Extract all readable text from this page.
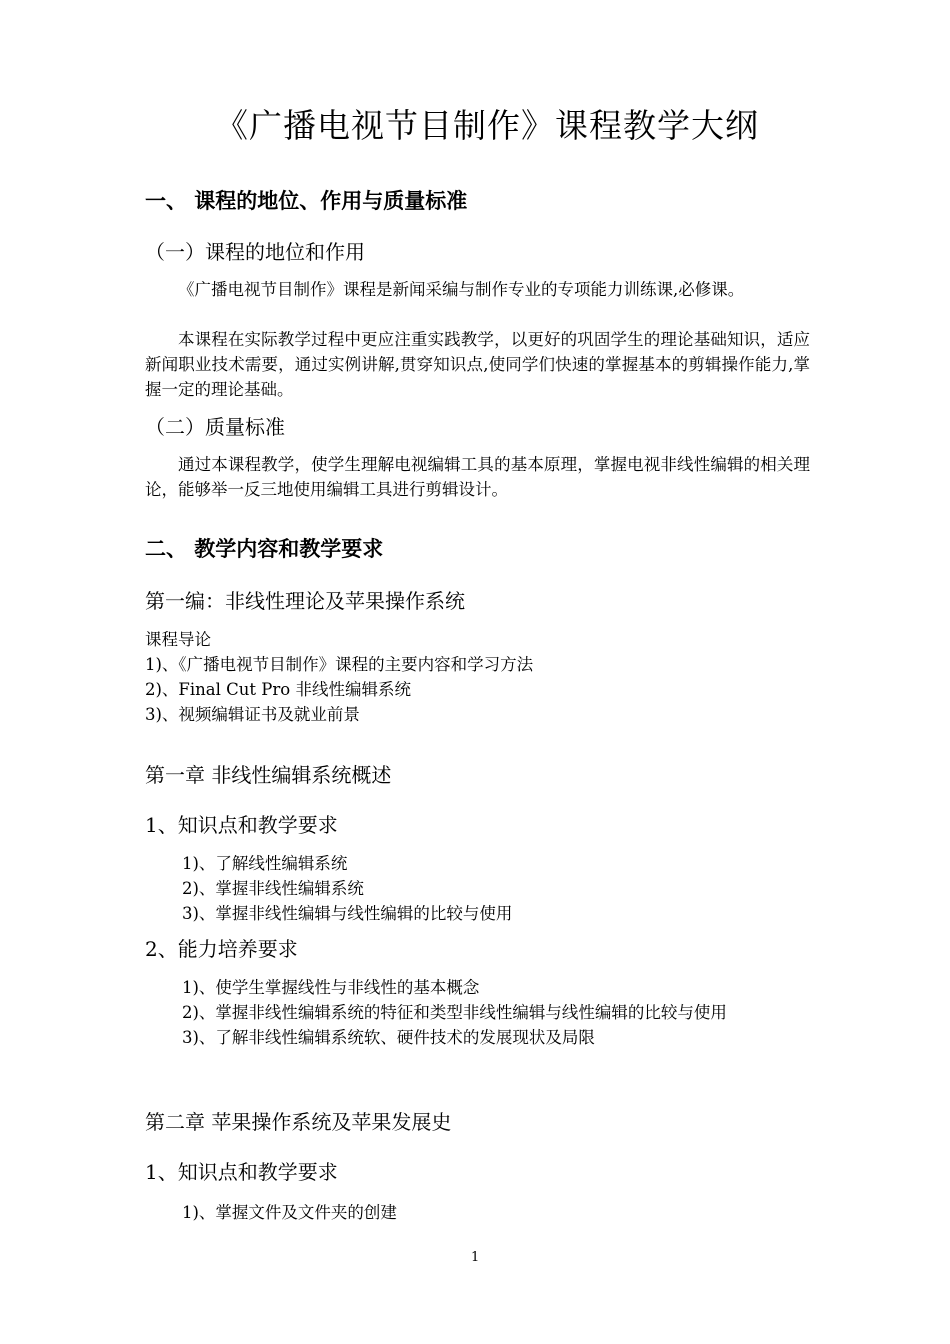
《广播电视节目制作》课程教学大纲
一、 课程的地位、作用与质量标准
（一）课程的地位和作用
《广播电视节目制作》课程是新闻采编与制作专业的专项能力训练课,必修课。
本课程在实际教学过程中更应注重实践教学，以更好的巩固学生的理论基础知识，适应新闻职业技术需要，通过实例讲解,贯穿知识点,使同学们快速的掌握基本的剪辑操作能力,掌握一定的理论基础。
（二）质量标准
通过本课程教学，使学生理解电视编辑工具的基本原理，掌握电视非线性编辑的相关理论，能够举一反三地使用编辑工具进行剪辑设计。
二、 教学内容和教学要求
第一编：非线性理论及苹果操作系统
课程导论
1)、《广播电视节目制作》课程的主要内容和学习方法
2)、Final Cut Pro 非线性编辑系统
3)、视频编辑证书及就业前景
第一章 非线性编辑系统概述
1、知识点和教学要求
1)、了解线性编辑系统
2)、掌握非线性编辑系统
3)、掌握非线性编辑与线性编辑的比较与使用
2、能力培养要求
1)、使学生掌握线性与非线性的基本概念
2)、掌握非线性编辑系统的特征和类型非线性编辑与线性编辑的比较与使用
3)、了解非线性编辑系统软、硬件技术的发展现状及局限
第二章 苹果操作系统及苹果发展史
1、知识点和教学要求
1)、掌握文件及文件夹的创建
1
